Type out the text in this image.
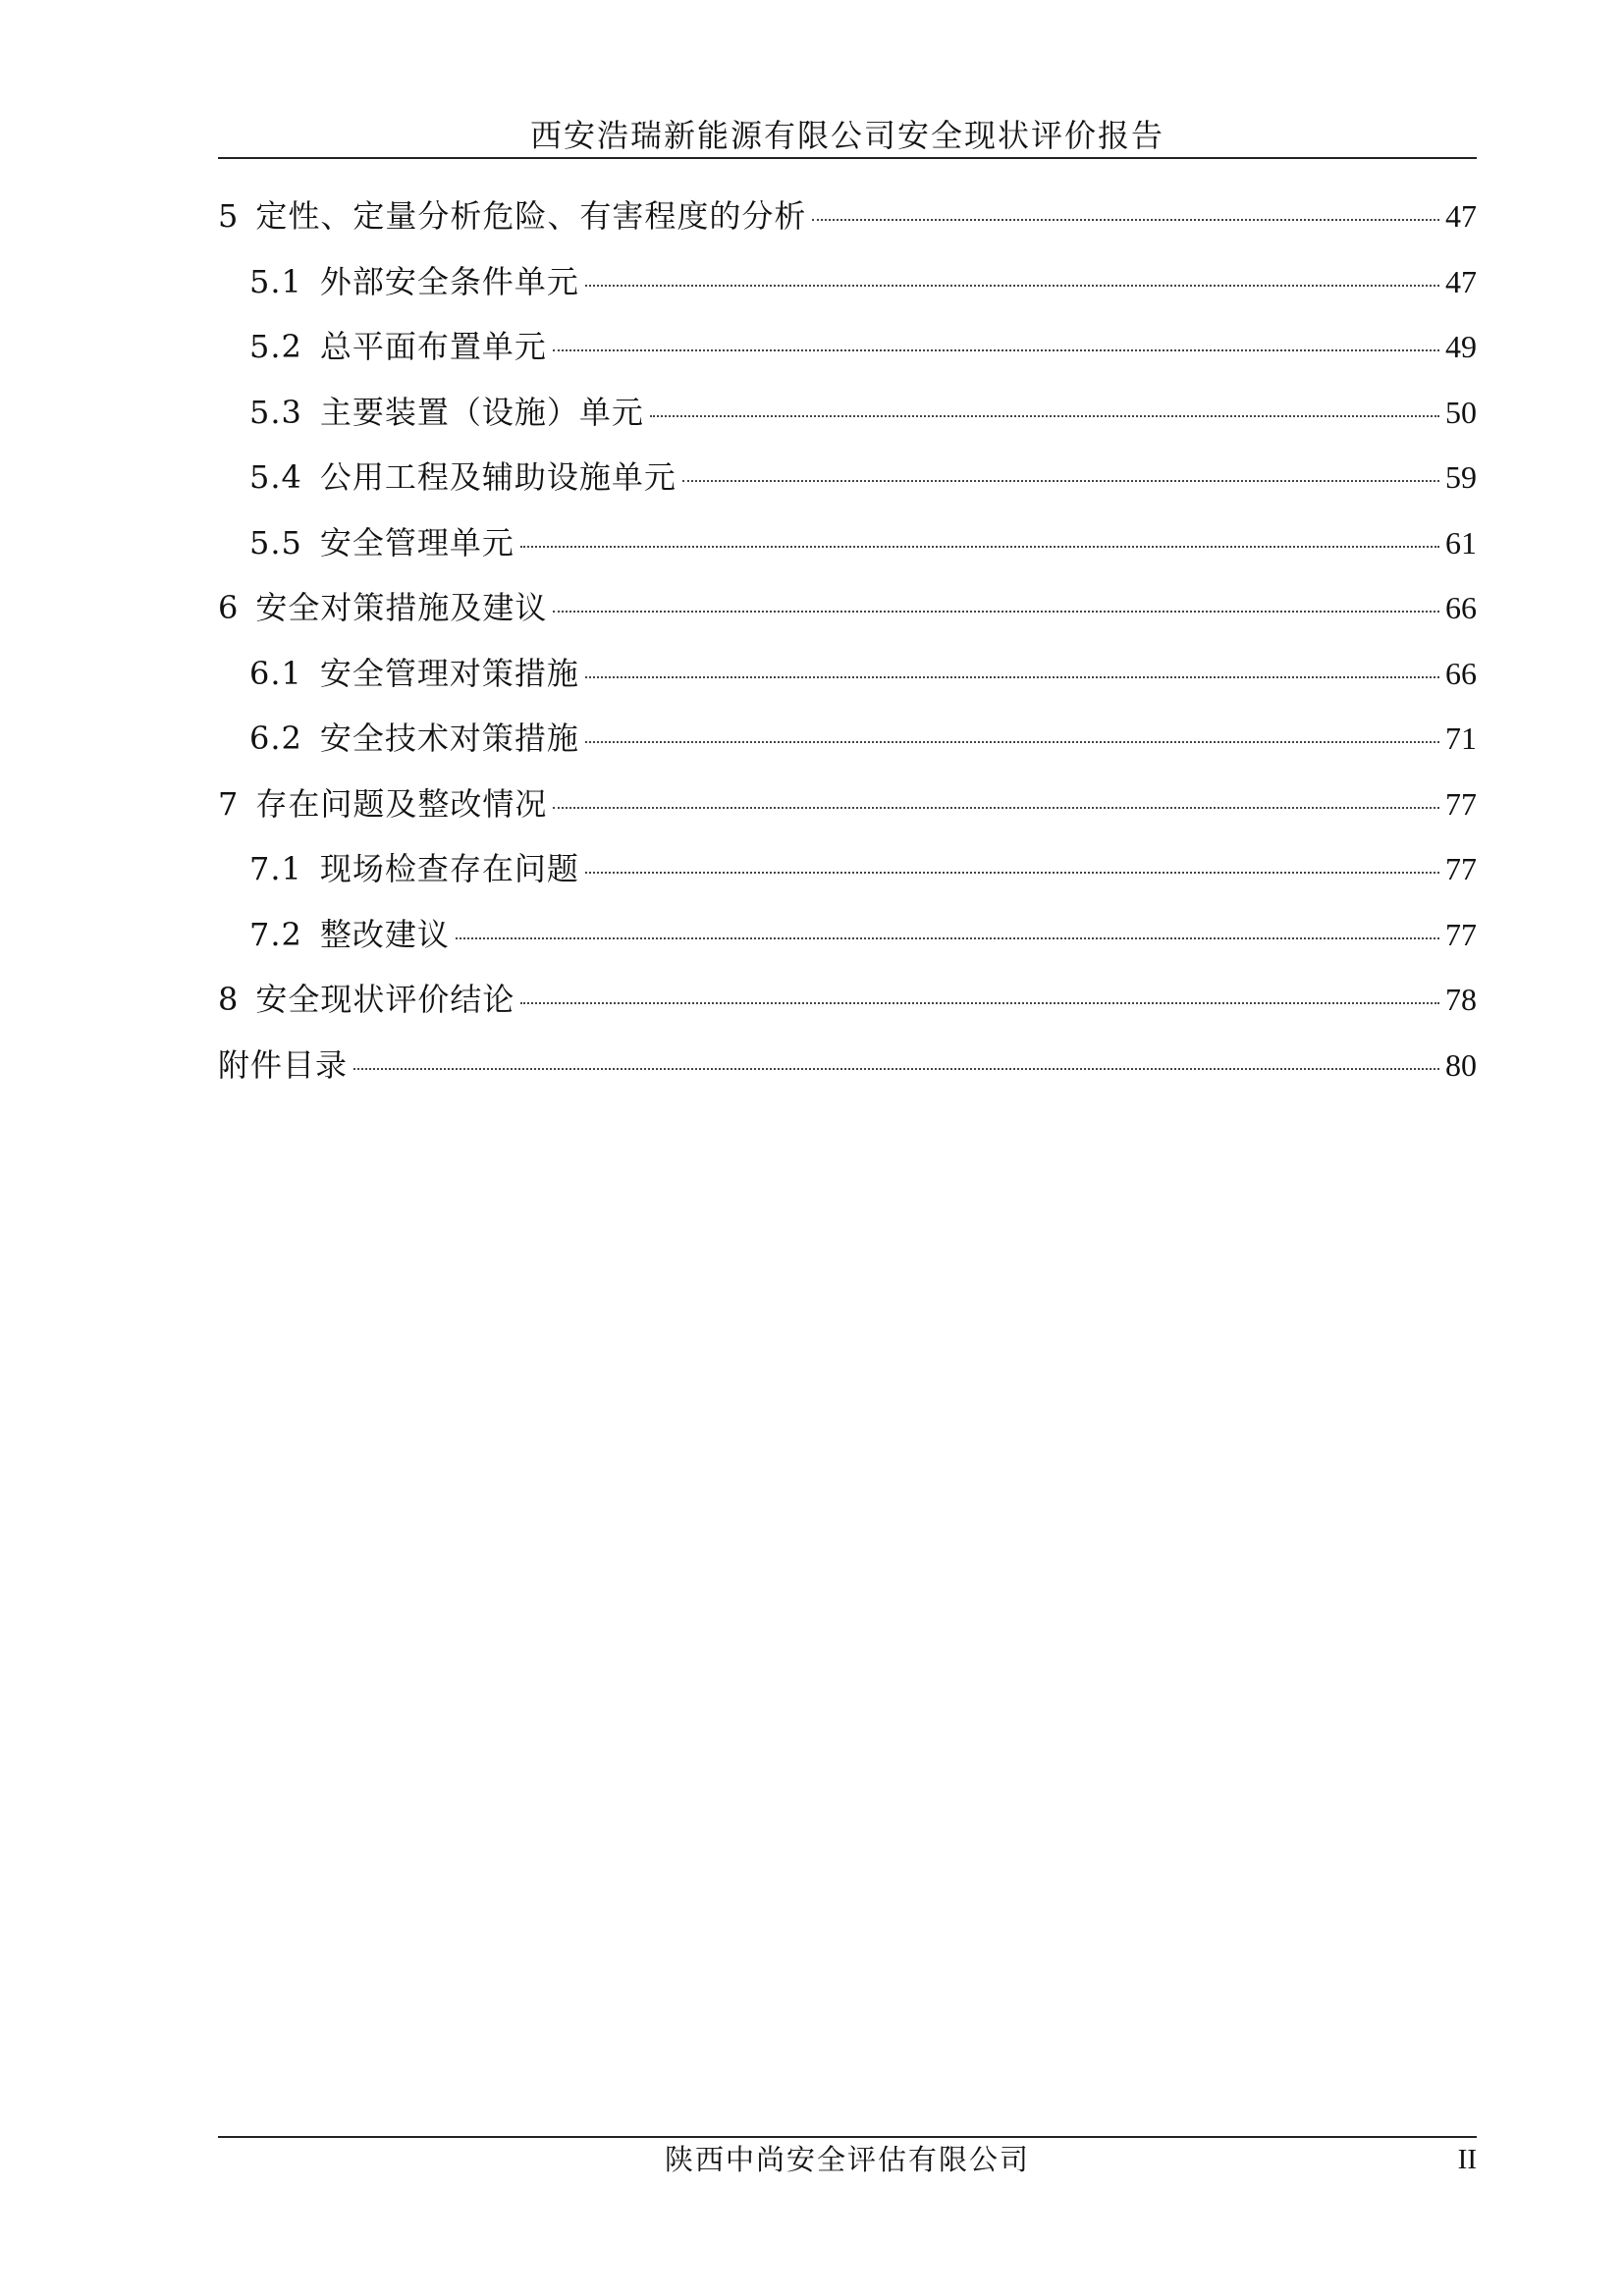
西安浩瑞新能源有限公司安全现状评价报告
5 定性、定量分析危险、有害程度的分析	47
5.1 外部安全条件单元	47
5.2 总平面布置单元	49
5.3 主要装置（设施）单元	50
5.4 公用工程及辅助设施单元	59
5.5 安全管理单元	61
6 安全对策措施及建议	66
6.1 安全管理对策措施	66
6.2 安全技术对策措施	71
7 存在问题及整改情况	77
7.1 现场检查存在问题	77
7.2 整改建议	77
8 安全现状评价结论	78
附件目录	80
陕西中尚安全评估有限公司	II
